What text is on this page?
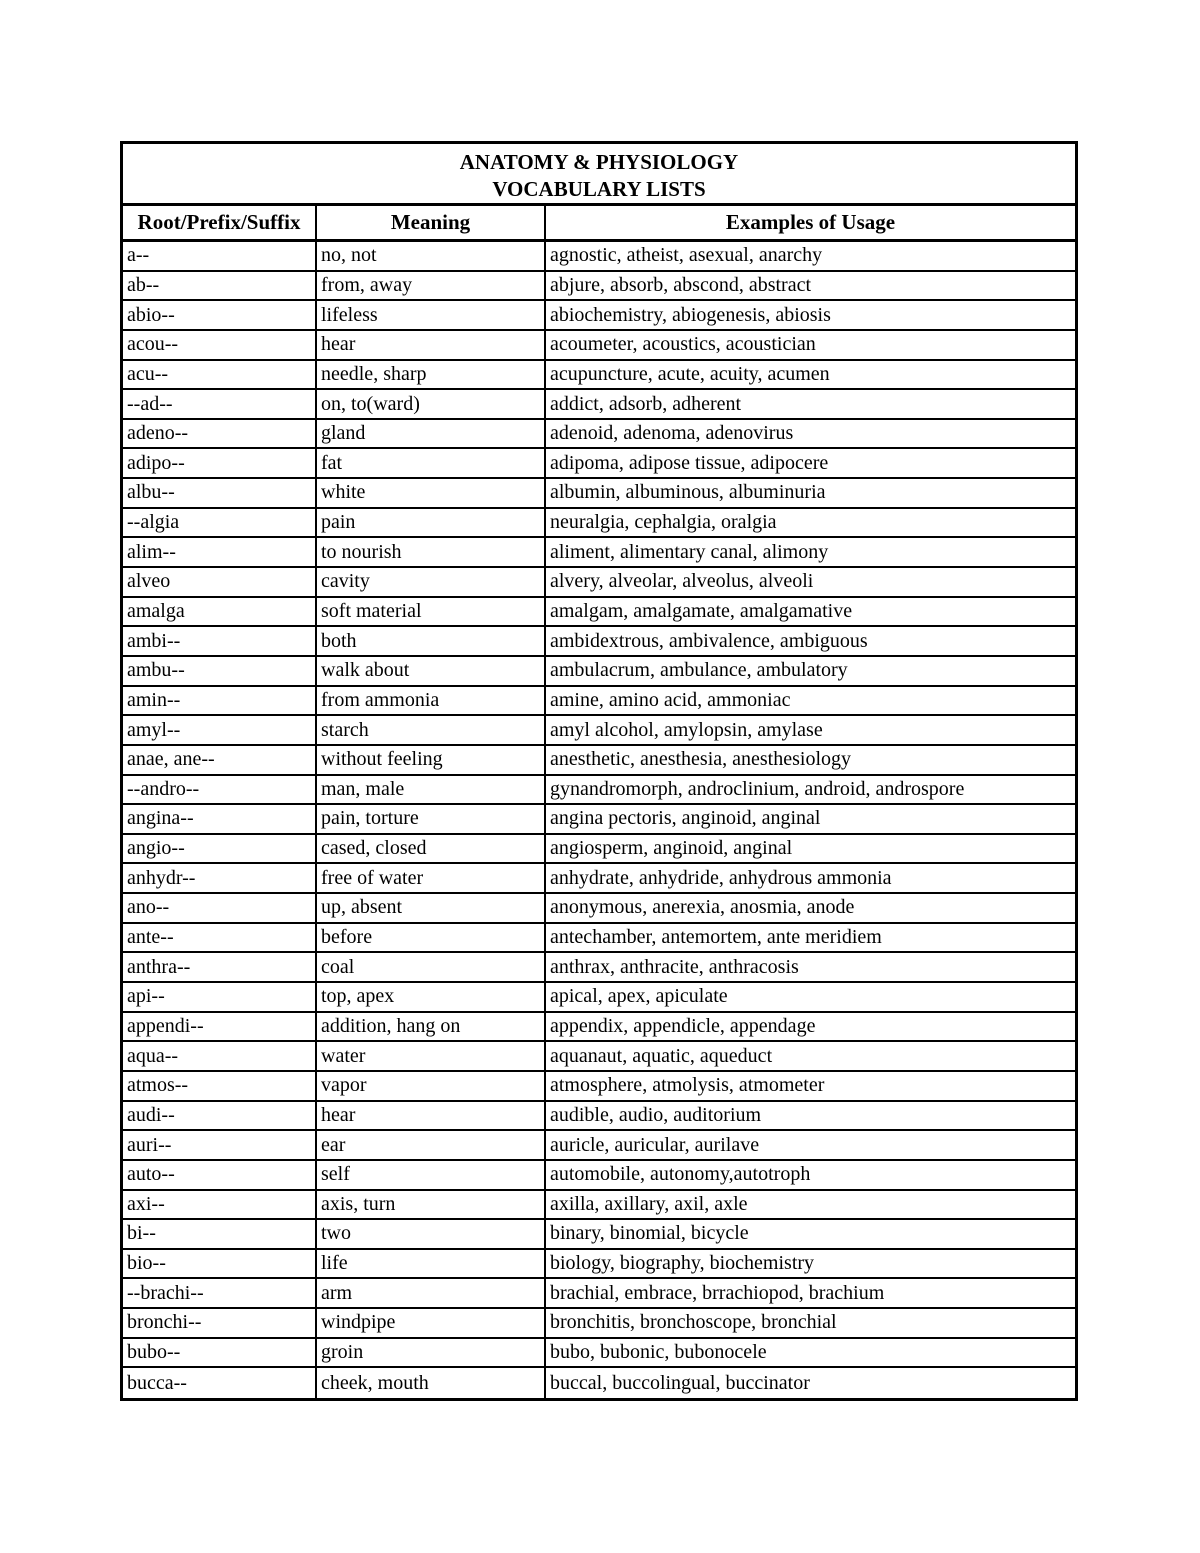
ANATOMY & PHYSIOLOGY
VOCABULARY LISTS
Root/Prefix/Suffix	Meaning	Examples of Usage
a--	no, not	agnostic, atheist, asexual, anarchy
ab--	from, away	abjure, absorb, abscond, abstract
abio--	lifeless	abiochemistry, abiogenesis, abiosis
acou--	hear	acoumeter, acoustics, acoustician
acu--	needle, sharp	acupuncture, acute, acuity, acumen
--ad--	on, to(ward)	addict, adsorb, adherent
adeno--	gland	adenoid, adenoma, adenovirus
adipo--	fat	adipoma, adipose tissue, adipocere
albu--	white	albumin, albuminous, albuminuria
--algia	pain	neuralgia, cephalgia, oralgia
alim--	to nourish	aliment, alimentary canal, alimony
alveo	cavity	alvery, alveolar, alveolus, alveoli
amalga	soft material	amalgam, amalgamate, amalgamative
ambi--	both	ambidextrous, ambivalence, ambiguous
ambu--	walk about	ambulacrum, ambulance, ambulatory
amin--	from ammonia	amine, amino acid, ammoniac
amyl--	starch	amyl alcohol, amylopsin, amylase
anae, ane--	without feeling	anesthetic, anesthesia, anesthesiology
--andro--	man, male	gynandromorph, androclinium, android, androspore
angina--	pain, torture	angina pectoris, anginoid, anginal
angio--	cased, closed	angiosperm, anginoid, anginal
anhydr--	free of water	anhydrate, anhydride, anhydrous ammonia
ano--	up, absent	anonymous, anerexia, anosmia, anode
ante--	before	antechamber, antemortem, ante meridiem
anthra--	coal	anthrax, anthracite, anthracosis
api--	top, apex	apical, apex, apiculate
appendi--	addition, hang on	appendix, appendicle, appendage
aqua--	water	aquanaut, aquatic, aqueduct
atmos--	vapor	atmosphere, atmolysis, atmometer
audi--	hear	audible, audio, auditorium
auri--	ear	auricle, auricular, aurilave
auto--	self	automobile, autonomy,autotroph
axi--	axis, turn	axilla, axillary, axil, axle
bi--	two	binary, binomial, bicycle
bio--	life	biology, biography, biochemistry
--brachi--	arm	brachial, embrace, brrachiopod, brachium
bronchi--	windpipe	bronchitis, bronchoscope, bronchial
bubo--	groin	bubo, bubonic, bubonocele
bucca--	cheek, mouth	buccal, buccolingual, buccinator
